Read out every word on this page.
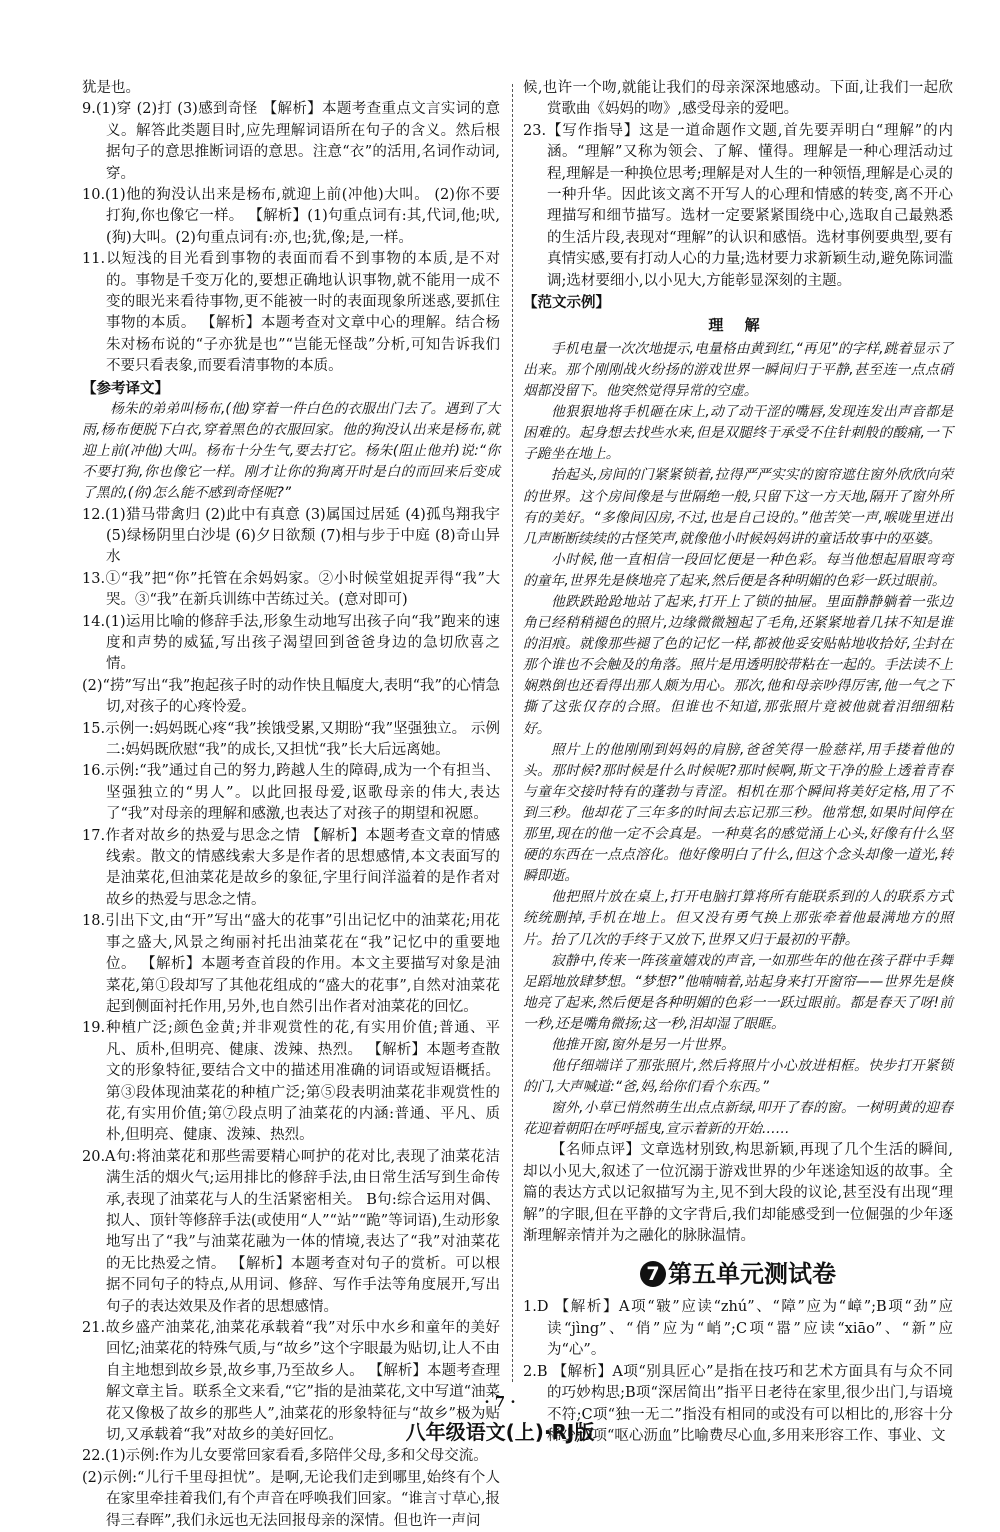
犹是也。

9.(1)穿 (2)打 (3)感到奇怪 【解析】本题考查重点文言实词的意义。解答此类题目时,应先理解词语所在句子的含义。然后根据句子的意思推断词语的意思。注意“衣”的活用,名词作动词,穿。

10.(1)他的狗没认出来是杨布,就迎上前(冲他)大叫。 (2)你不要打狗,你也像它一样。 【解析】(1)句重点词有:其,代词,他;吠,(狗)大叫。(2)句重点词有:亦,也;犹,像;是,一样。

11.以短浅的目光看到事物的表面而看不到事物的本质,是不对的。事物是千变万化的,要想正确地认识事物,就不能用一成不变的眼光来看待事物,更不能被一时的表面现象所迷惑,要抓住事物的本质。 【解析】本题考查对文章中心的理解。结合杨朱对杨布说的“子亦犹是也”“岂能无怪哉”分析,可知告诉我们不要只看表象,而要看清事物的本质。

【参考译文】

杨朱的弟弟叫杨布,(他)穿着一件白色的衣服出门去了。遇到了大雨,杨布便脱下白衣,穿着黑色的衣服回家。他的狗没认出来是杨布,就迎上前(冲他)大叫。杨布十分生气,要去打它。杨朱(阻止他并)说:“你不要打狗,你也像它一样。刚才让你的狗离开时是白的而回来后变成了黑的,(你)怎么能不感到奇怪呢?”

12.(1)猎马带禽归 (2)此中有真意 (3)属国过居延 (4)孤鸟翔我宇 (5)绿杨阴里白沙堤 (6)夕日欲颓 (7)相与步于中庭 (8)奇山异水

13.①“我”把“你”托管在余妈妈家。②小时候堂姐捉弄得“我”大哭。③“我”在新兵训练中苦练过关。(意对即可)

14.(1)运用比喻的修辞手法,形象生动地写出孩子向“我”跑来的速度和声势的威猛,写出孩子渴望回到爸爸身边的急切欣喜之情。

(2)“捞”写出“我”抱起孩子时的动作快且幅度大,表明“我”的心情急切,对孩子的心疼怜爱。

15.示例一:妈妈既心疼“我”挨饿受累,又期盼“我”坚强独立。 示例二:妈妈既欣慰“我”的成长,又担忧“我”长大后远离她。

16.示例:“我”通过自己的努力,跨越人生的障碍,成为一个有担当、坚强独立的“男人”。以此回报母爱,讴歌母亲的伟大,表达了“我”对母亲的理解和感激,也表达了对孩子的期望和祝愿。

17.作者对故乡的热爱与思念之情 【解析】本题考查文章的情感线索。散文的情感线索大多是作者的思想感情,本文表面写的是油菜花,但油菜花是故乡的象征,字里行间洋溢着的是作者对故乡的热爱与思念之情。

18.引出下文,由“开”写出“盛大的花事”引出记忆中的油菜花;用花事之盛大,风景之绚丽衬托出油菜花在“我”记忆中的重要地位。 【解析】本题考查首段的作用。本文主要描写对象是油菜花,第①段却写了其他花组成的“盛大的花事”,自然对油菜花起到侧面衬托作用,另外,也自然引出作者对油菜花的回忆。

19.种植广泛;颜色金黄;并非观赏性的花,有实用价值;普通、平凡、质朴,但明亮、健康、泼辣、热烈。 【解析】本题考查散文的形象特征,要结合文中的描述用准确的词语或短语概括。第③段体现油菜花的种植广泛;第⑤段表明油菜花非观赏性的花,有实用价值;第⑦段点明了油菜花的内涵:普通、平凡、质朴,但明亮、健康、泼辣、热烈。

20.A句:将油菜花和那些需要精心呵护的花对比,表现了油菜花洁满生活的烟火气;运用排比的修辞手法,由日常生活写到生命传承,表现了油菜花与人的生活紧密相关。 B句:综合运用对偶、拟人、顶针等修辞手法(或使用“人”“站”“跪”等词语),生动形象地写出了“我”与油菜花融为一体的情境,表达了“我”对油菜花的无比热爱之情。 【解析】本题考查对句子的赏析。可以根据不同句子的特点,从用词、修辞、写作手法等角度展开,写出句子的表达效果及作者的思想感情。

21.故乡盛产油菜花,油菜花承载着“我”对乐中水乡和童年的美好回忆;油菜花的特殊气质,与“故乡”这个字眼最为贴切,让人不由自主地想到故乡景,故乡事,乃至故乡人。 【解析】本题考查理解文章主旨。联系全文来看,“它”指的是油菜花,文中写道“油菜花又像极了故乡的那些人”,油菜花的形象特征与“故乡”极为贴切,又承载着“我”对故乡的美好回忆。

22.(1)示例:作为儿女要常回家看看,多陪伴父母,多和父母交流。

(2)示例:“儿行千里母担忧”。是啊,无论我们走到哪里,始终有个人在家里牵挂着我们,有个声音在呼唤我们回家。“谁言寸草心,报得三春晖”,我们永远也无法回报母亲的深情。但也许一声问

候,也许一个吻,就能让我们的母亲深深地感动。下面,让我们一起欣赏歌曲《妈妈的吻》,感受母亲的爱吧。

23.【写作指导】这是一道命题作文题,首先要弄明白“理解”的内涵。“理解”又称为领会、了解、懂得。理解是一种心理活动过程,理解是一种换位思考;理解是对人生的一种领悟,理解是心灵的一种升华。因此该文离不开写人的心理和情感的转变,离不开心理描写和细节描写。选材一定要紧紧围绕中心,选取自己最熟悉的生活片段,表现对“理解”的认识和感悟。选材事例要典型,要有真情实感,要有打动人心的力量;选材要力求新颖生动,避免陈词滥调;选材要细小,以小见大,方能彰显深刻的主题。

【范文示例】

理 解

手机电量一次次地提示,电量格由黄到红,“再见”的字样,跳着显示了出来。那个刚刚战火纷扬的游戏世界一瞬间归于平静,甚至连一点点硝烟都没留下。他突然觉得异常的空虚。

他狠狠地将手机砸在床上,动了动干涩的嘴唇,发现连发出声音都是困难的。起身想去找些水来,但是双腿终于承受不住针刺般的酸痛,一下子跪坐在地上。

抬起头,房间的门紧紧锁着,拉得严严实实的窗帘遮住窗外欣欣向荣的世界。这个房间像是与世隔绝一般,只留下这一方天地,隔开了窗外所有的美好。“多像间囚房,不过,也是自己设的。”他苦笑一声,喉咙里迸出几声断断续续的古怪笑声,就像他小时候妈妈讲的童话故事中的巫婆。

小时候,他一直相信一段回忆便是一种色彩。每当他想起眉眼弯弯的童年,世界先是倏地亮了起来,然后便是各种明媚的色彩一跃过眼前。

他跌跌跄跄地站了起来,打开上了锁的抽屉。里面静静躺着一张边角已经稍稍褪色的照片,边缘微微翘起了毛角,还紧紧地着几抹不知是谁的泪痕。就像那些褪了色的记忆一样,都被他妥安贴帖地收拾好,尘封在那个谁也不会触及的角落。照片是用透明胶带粘在一起的。手法读不上娴熟倒也还看得出那人颇为用心。那次,他和母亲吵得厉害,他一气之下撕了这张仅存的合照。但谁也不知道,那张照片竟被他就着泪细细粘好。

照片上的他刚刚到妈妈的肩膀,爸爸笑得一脸慈祥,用手搂着他的头。那时候?那时候是什么时候呢?那时候啊,斯文干净的脸上透着青春与童年交接时特有的蓬勃与青涩。相机在那个瞬间将美好定格,用了不到三秒。他却花了三年多的时间去忘记那三秒。他常想,如果时间停在那里,现在的他一定不会真是。一种莫名的感觉涌上心头,好像有什么坚硬的东西在一点点溶化。他好像明白了什么,但这个念头却像一道光,转瞬即逝。

他把照片放在桌上,打开电脑打算将所有能联系到的人的联系方式统统删掉,手机在地上。但又没有勇气换上那张牵着他最满地方的照片。抬了几次的手终于又放下,世界又归于最初的平静。

寂静中,传来一阵孩童嬉戏的声音,一如那些年的他在孩子群中手舞足蹈地放肆梦想。“梦想?”他喃喃着,站起身来打开窗帘——世界先是倏地亮了起来,然后便是各种明媚的色彩一一跃过眼前。都是春天了呀!前一秒,还是嘴角微扬;这一秒,泪却湿了眼眶。

他推开窗,窗外是另一片世界。

他仔细端详了那张照片,然后将照片小心放进相框。快步打开紧锁的门,大声喊道:“爸,妈,给你们看个东西。”

窗外,小草已悄然萌生出点点新绿,叩开了春的窗。一树明黄的迎春花迎着朝阳在呼呼摇曳,宣示着新的开始……

【名师点评】文章选材别致,构思新颖,再现了几个生活的瞬间,却以小见大,叙述了一位沉溺于游戏世界的少年迷途知返的故事。全篇的表达方式以记叙描写为主,见不到大段的议论,甚至没有出现“理解”的字眼,但在平静的文字背后,我们却能感受到一位倔强的少年逐渐理解亲情并为之融化的脉脉温情。

7 第五单元测试卷

1.D 【解析】A项“皲”应读“zhú”、“障”应为“嶂”;B项“劲”应读“jìng”、“俏”应为“峭”;C项“嚣”应读“xiāo”、“新”应为“心”。

2.B 【解析】A项“别具匠心”是指在技巧和艺术方面具有与众不同的巧妙构思;B项“深居简出”指平日老待在家里,很少出门,与语境不符;C项“独一无二”指没有相同的或没有可以相比的,形容十分稀少;D项“呕心沥血”比喻费尽心血,多用来形容工作、事业、文

· 7 ·
八年级语文(上)·RJ版
